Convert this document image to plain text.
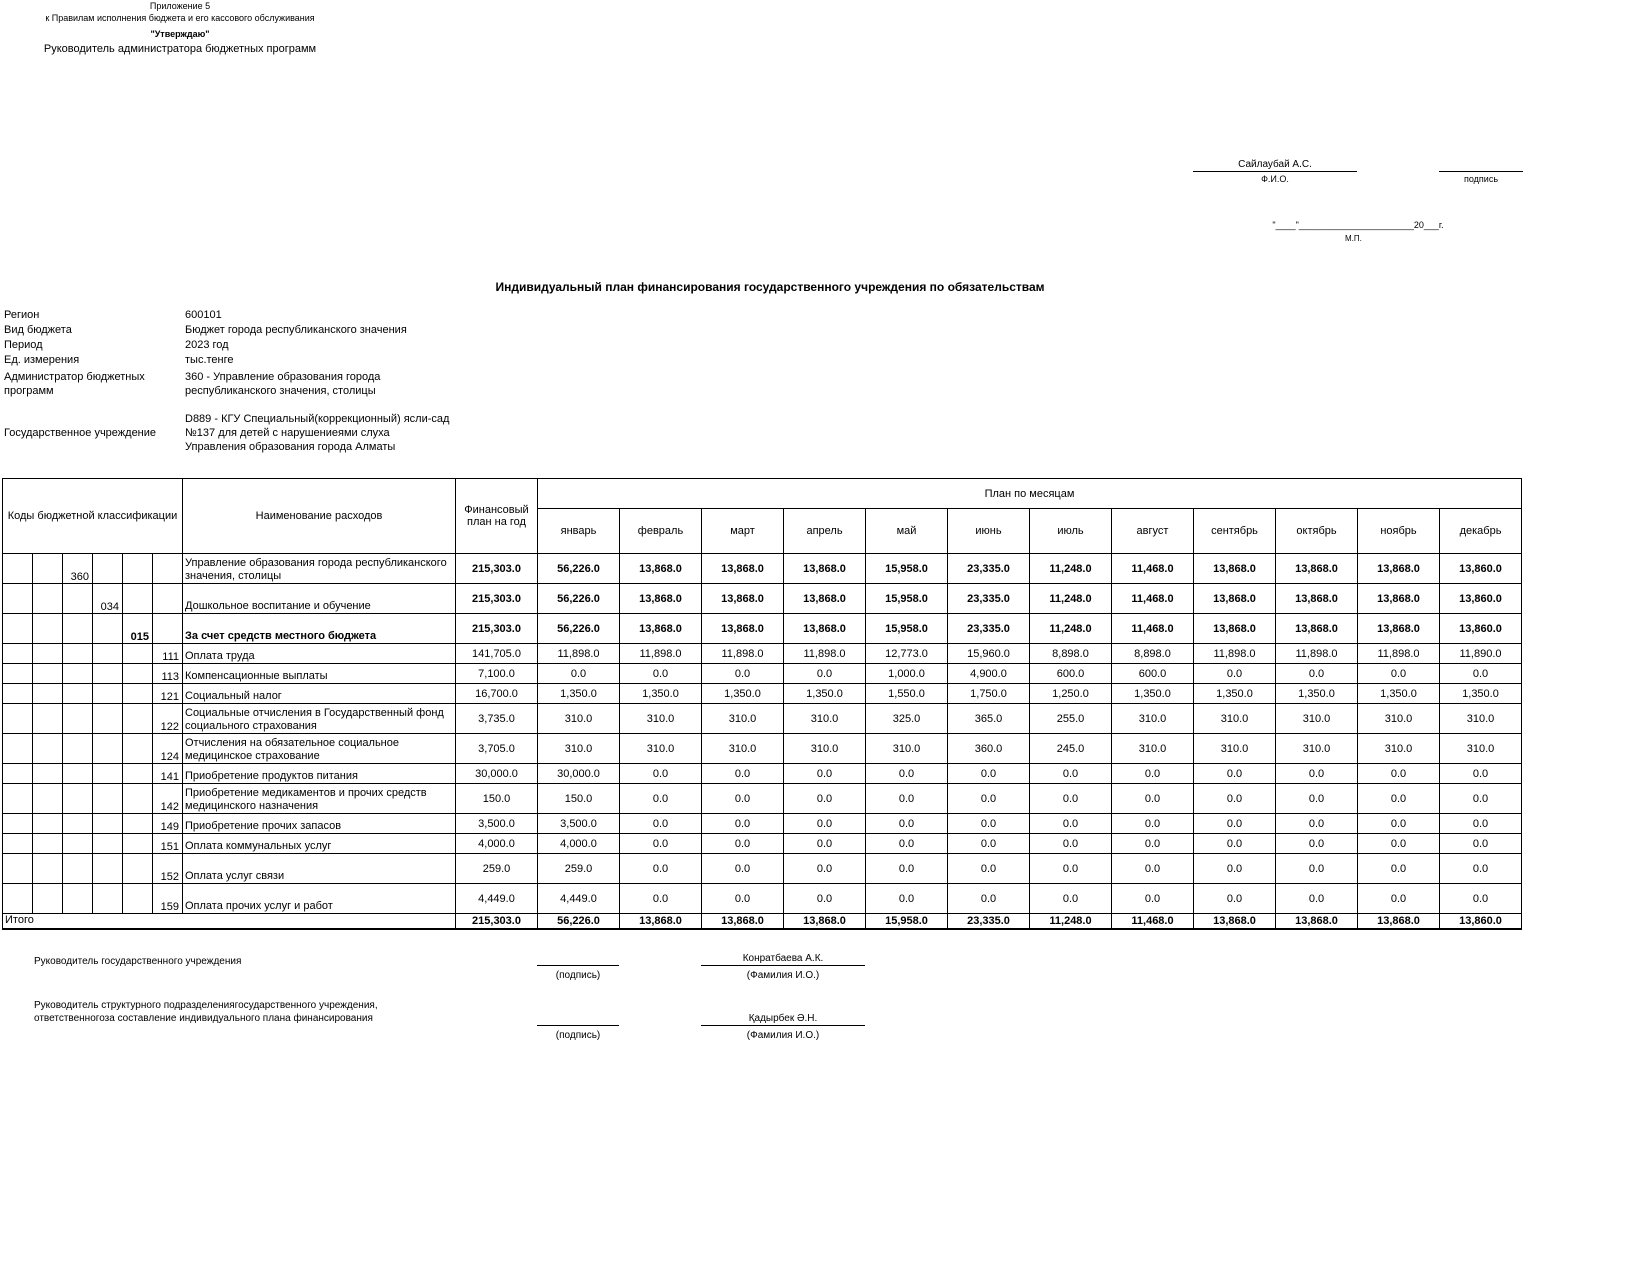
Приложение 5
к Правилам исполнения бюджета и его кассового обслуживания
"Утверждаю"
Руководитель администратора бюджетных программ
Сайлаубай А.С.
Ф.И.О.	подпись
"____"_______________________20___г.
М.П.
Индивидуальный план финансирования государственного учреждения по обязательствам
Регион	600101
Вид бюджета	Бюджет города республиканского значения
Период	2023 год
Ед. измерения	тыс.тенге
Администратор бюджетных программ
360 - Управление образования города республиканского значения, столицы
Государственное учреждение
D889 - КГУ Специальный(коррекционный) ясли-сад №137 для детей с нарушениеями слуха Управления образования города Алматы
Коды бюджетной классификации						Наименование расходов	Финансовый план на год	План по месяцам											
								январь	февраль	март	апрель	май	июнь	июль	август	сентябрь	октябрь	ноябрь	декабрь
		360				Управление образования города республиканского значения, столицы	215,303.0	56,226.0	13,868.0	13,868.0	13,868.0	15,958.0	23,335.0	11,248.0	11,468.0	13,868.0	13,868.0	13,868.0	13,860.0
			034			Дошкольное воспитание и обучение	215,303.0	56,226.0	13,868.0	13,868.0	13,868.0	15,958.0	23,335.0	11,248.0	11,468.0	13,868.0	13,868.0	13,868.0	13,860.0
				015		За счет средств местного бюджета	215,303.0	56,226.0	13,868.0	13,868.0	13,868.0	15,958.0	23,335.0	11,248.0	11,468.0	13,868.0	13,868.0	13,868.0	13,860.0
					111	Оплата труда	141,705.0	11,898.0	11,898.0	11,898.0	11,898.0	12,773.0	15,960.0	8,898.0	8,898.0	11,898.0	11,898.0	11,898.0	11,890.0
					113	Компенсационные выплаты	7,100.0	0.0	0.0	0.0	0.0	1,000.0	4,900.0	600.0	600.0	0.0	0.0	0.0	0.0
					121	Социальный налог	16,700.0	1,350.0	1,350.0	1,350.0	1,350.0	1,550.0	1,750.0	1,250.0	1,350.0	1,350.0	1,350.0	1,350.0	1,350.0
					122	Социальные отчисления в Государственный фонд социального страхования	3,735.0	310.0	310.0	310.0	310.0	325.0	365.0	255.0	310.0	310.0	310.0	310.0	310.0
					124	Отчисления на обязательное социальное медицинское страхование	3,705.0	310.0	310.0	310.0	310.0	310.0	360.0	245.0	310.0	310.0	310.0	310.0	310.0
					141	Приобретение продуктов питания	30,000.0	30,000.0	0.0	0.0	0.0	0.0	0.0	0.0	0.0	0.0	0.0	0.0	0.0
					142	Приобретение медикаментов и прочих средств медицинского назначения	150.0	150.0	0.0	0.0	0.0	0.0	0.0	0.0	0.0	0.0	0.0	0.0	0.0
					149	Приобретение прочих запасов	3,500.0	3,500.0	0.0	0.0	0.0	0.0	0.0	0.0	0.0	0.0	0.0	0.0	0.0
					151	Оплата коммунальных услуг	4,000.0	4,000.0	0.0	0.0	0.0	0.0	0.0	0.0	0.0	0.0	0.0	0.0	0.0
					152	Оплата услуг связи	259.0	259.0	0.0	0.0	0.0	0.0	0.0	0.0	0.0	0.0	0.0	0.0	0.0
					159	Оплата прочих услуг и работ	4,449.0	4,449.0	0.0	0.0	0.0	0.0	0.0	0.0	0.0	0.0	0.0	0.0	0.0
Итого							215,303.0	56,226.0	13,868.0	13,868.0	13,868.0	15,958.0	23,335.0	11,248.0	11,468.0	13,868.0	13,868.0	13,868.0	13,860.0
Руководитель государственного учреждения
(подпись)
Конратбаева А.К.
(Фамилия И.О.)
Руководитель структурного подразделениягосударственного учреждения,
ответственногоза составление индивидуального плана финансирования
(подпись)
Қадырбек Ә.Н.
(Фамилия И.О.)
